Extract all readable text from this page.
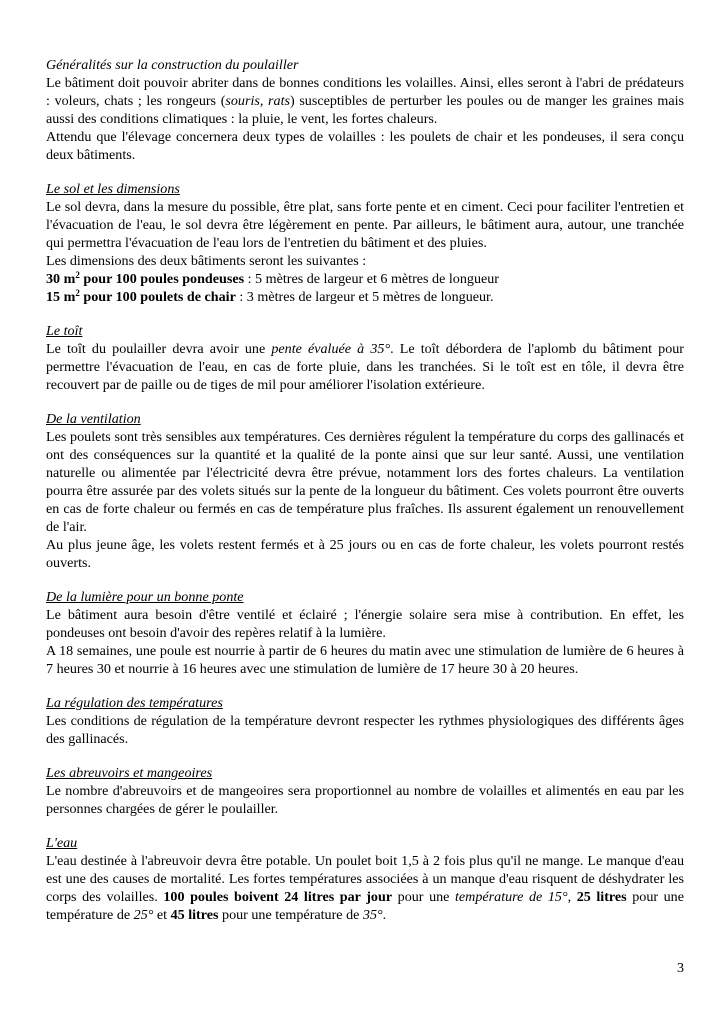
Généralités sur la construction du poulailler

Le bâtiment doit pouvoir abriter dans de bonnes conditions les volailles. Ainsi, elles seront à l'abri de prédateurs : voleurs, chats ; les rongeurs (souris, rats) susceptibles de perturber les poules ou de manger les graines mais aussi des conditions climatiques : la pluie, le vent, les fortes chaleurs.

Attendu que l'élevage concernera deux types de volailles : les poulets de chair et les pondeuses, il sera conçu deux bâtiments.

Le sol et les dimensions

Le sol devra, dans la mesure du possible, être plat, sans forte pente et en ciment. Ceci pour faciliter l'entretien et l'évacuation de l'eau, le sol devra être légèrement en pente. Par ailleurs, le bâtiment aura, autour, une tranchée qui permettra l'évacuation de l'eau lors de l'entretien du bâtiment et des pluies.

Les dimensions des deux bâtiments seront les suivantes :

30 $m^2$ pour 100 poules pondeuses : 5 mètres de largeur et 6 mètres de longueur

15 $m^2$ pour 100 poulets de chair : 3 mètres de largeur et 5 mètres de longueur.

Le toît

Le toît du poulailler devra avoir une pente évaluée à 35°. Le toît débordera de l'aplomb du bâtiment pour permettre l'évacuation de l'eau, en cas de forte pluie, dans les tranchées. Si le toît est en tôle, il devra être recouvert par de paille ou de tiges de mil pour améliorer l'isolation extérieure.

De la ventilation

Les poulets sont très sensibles aux températures. Ces dernières régulent la température du corps des gallinacés et ont des conséquences sur la quantité et la qualité de la ponte ainsi que sur leur santé. Aussi, une ventilation naturelle ou alimentée par l'électricité devra être prévue, notamment lors des fortes chaleurs. La ventilation pourra être assurée par des volets situés sur la pente de la longueur du bâtiment. Ces volets pourront être ouverts en cas de forte chaleur ou fermés en cas de température plus fraîches. Ils assurent également un renouvellement de l'air.

Au plus jeune âge, les volets restent fermés et à 25 jours ou en cas de forte chaleur, les volets pourront restés ouverts.

De la lumière pour un bonne ponte

Le bâtiment aura besoin d'être ventilé et éclairé ; l'énergie solaire sera mise à contribution. En effet, les pondeuses ont besoin d'avoir des repères relatif à la lumière.

A 18 semaines, une poule est nourrie à partir de 6 heures du matin avec une stimulation de lumière de 6 heures à 7 heures 30 et nourrie à 16 heures avec une stimulation de lumière de 17 heure 30 à 20 heures.

La régulation des températures

Les conditions de régulation de la température devront respecter les rythmes physiologiques des différents âges des gallinacés.

Les abreuvoirs et mangeoires

Le nombre d'abreuvoirs et de mangeoires sera proportionnel au nombre de volailles et alimentés en eau par les personnes chargées de gérer le poulailler.

L'eau

L'eau destinée à l'abreuvoir devra être potable. Un poulet boit 1,5 à 2 fois plus qu'il ne mange. Le manque d'eau est une des causes de mortalité. Les fortes températures associées à un manque d'eau risquent de déshydrater les corps des volailles. 100 poules boivent 24 litres par jour pour une température de 15°, 25 litres pour une température de 25° et 45 litres pour une température de 35°.

3
